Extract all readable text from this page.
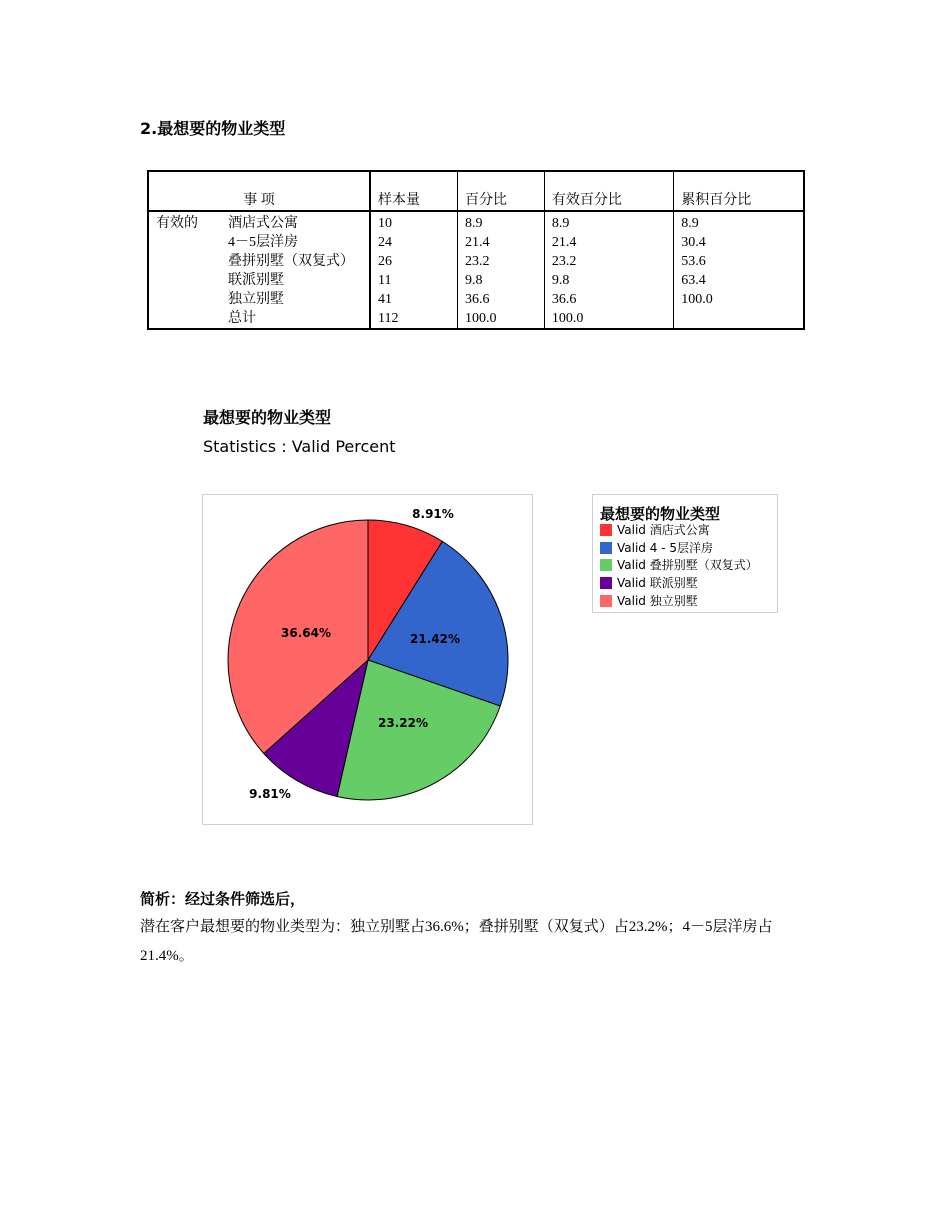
2.最想要的物业类型
事 项		样本量	百分比	有效百分比	累积百分比
有效的	酒店式公寓	10	8.9	8.9	8.9
	4－5层洋房	24	21.4	21.4	30.4
	叠拼别墅（双复式）	26	23.2	23.2	53.6
	联派别墅	11	9.8	9.8	63.4
	独立别墅	41	36.6	36.6	100.0
	总计	112	100.0	100.0	
最想要的物业类型
Statistics : Valid Percent
8.91%
21.42%
23.22%
9.81%
36.64%
最想要的物业类型
Valid 酒店式公寓
Valid 4 - 5层洋房
Valid 叠拼别墅（双复式）
Valid 联派别墅
Valid 独立别墅
简析：经过条件筛选后，
潜在客户最想要的物业类型为：独立别墅占36.6%；叠拼别墅（双复式）占23.2%；4－5层洋房占21.4%。
